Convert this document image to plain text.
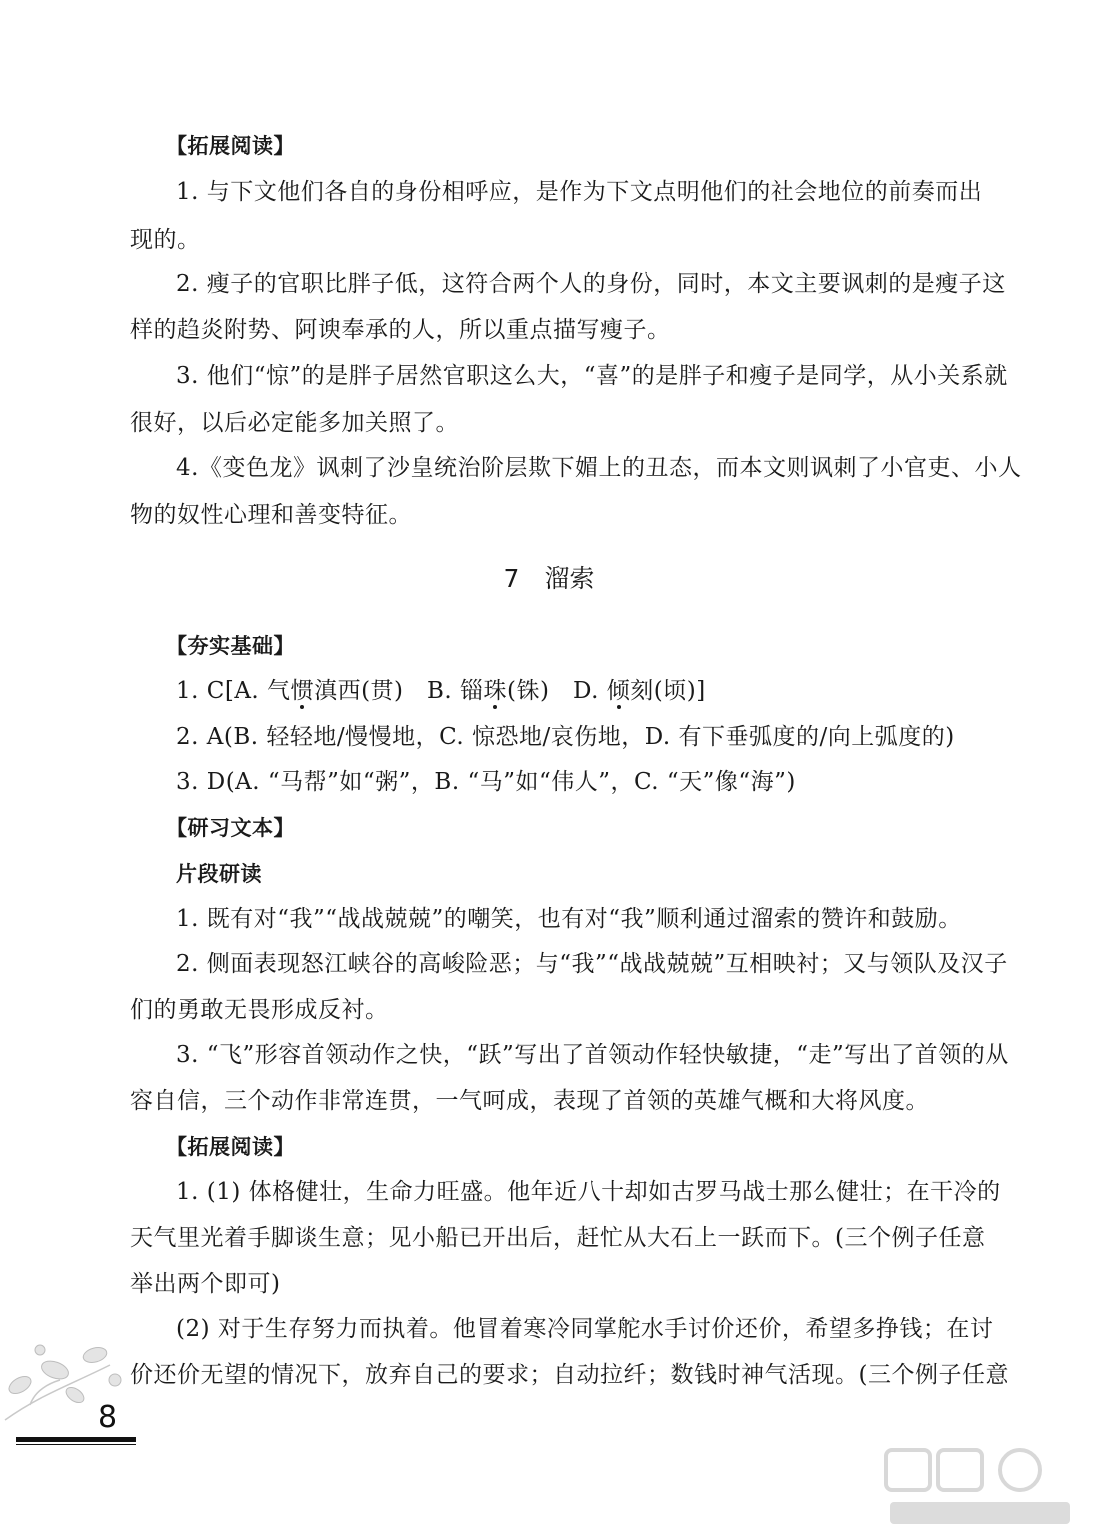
【拓展阅读】
1. 与下文他们各自的身份相呼应，是作为下文点明他们的社会地位的前奏而出
现的。
2. 瘦子的官职比胖子低，这符合两个人的身份，同时，本文主要讽刺的是瘦子这
样的趋炎附势、阿谀奉承的人，所以重点描写瘦子。
3. 他们“惊”的是胖子居然官职这么大，“喜”的是胖子和瘦子是同学，从小关系就
很好，以后必定能多加关照了。
4.《变色龙》讽刺了沙皇统治阶层欺下媚上的丑态，而本文则讽刺了小官吏、小人
物的奴性心理和善变特征。
7　溜索
【夯实基础】
1. C[A. 气惯滇西(贯)　B. 锱珠(铢)　D. 倾刻(顷)]
2. A(B. 轻轻地/慢慢地，C. 惊恐地/哀伤地，D. 有下垂弧度的/向上弧度的)
3. D(A. “马帮”如“粥”，B. “马”如“伟人”，C. “天”像“海”)
【研习文本】
片段研读
1. 既有对“我”“战战兢兢”的嘲笑，也有对“我”顺利通过溜索的赞许和鼓励。
2. 侧面表现怒江峡谷的高峻险恶；与“我”“战战兢兢”互相映衬；又与领队及汉子
们的勇敢无畏形成反衬。
3. “飞”形容首领动作之快，“跃”写出了首领动作轻快敏捷，“走”写出了首领的从
容自信，三个动作非常连贯，一气呵成，表现了首领的英雄气概和大将风度。
【拓展阅读】
1. (1) 体格健壮，生命力旺盛。他年近八十却如古罗马战士那么健壮；在干冷的
天气里光着手脚谈生意；见小船已开出后，赶忙从大石上一跃而下。(三个例子任意
举出两个即可)
(2) 对于生存努力而执着。他冒着寒冷同掌舵水手讨价还价，希望多挣钱；在讨
价还价无望的情况下，放弃自己的要求；自动拉纤；数钱时神气活现。(三个例子任意
8
